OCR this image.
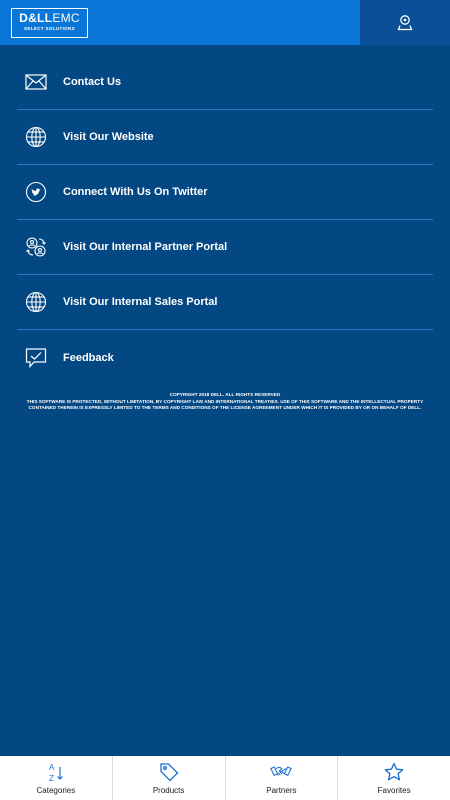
D&LLEMC
SELECT SOLUTIONS
Contact Us
Visit Our Website
Connect With Us On Twitter
Visit Our Internal Partner Portal
Visit Our Internal Sales Portal
Feedback
COPYRIGHT 2018 DELL. ALL RIGHTS RESERVED
THIS SOFTWARE IS PROTECTED, WITHOUT LIMITATION, BY COPYRIGHT LAW AND INTERNATIONAL TREATIES. USE OF THIS SOFTWARE AND THE INTELLECTUAL PROPERTY
CONTAINED THEREIN IS EXPRESSLY LIMITED TO THE TERMS AND CONDITIONS OF THE LICENSE AGREEMENT UNDER WHICH IT IS PROVIDED BY OR ON BEHALF OF DELL.
A
Z
Categories	Products	Partners	Favorites
